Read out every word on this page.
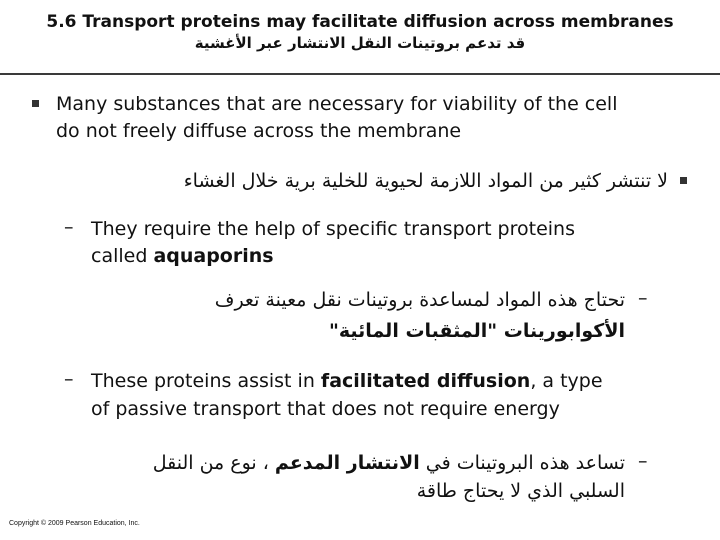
5.6 Transport proteins may facilitate diffusion across membranes
قد تدعم بروتينات النقل الانتشار عبر الأغشية
Many substances that are necessary for viability of the cell
do not freely diffuse across the membrane
لا تنتشر كثير من المواد اللازمة لحيوية للخلية برية خلال الغشاء
– They require the help of specific transport proteins
called aquaporins
–
تحتاج هذه المواد لمساعدة بروتينات نقل معينة تعرف
الأكوابورينات "المثقبات المائية"
– These proteins assist in facilitated diffusion, a type
of passive transport that does not require energy
–
تساعد هذه البروتينات في الانتشار المدعم ، نوع من النقل
السلبي الذي لا يحتاج طاقة
Copyright © 2009 Pearson Education, Inc.
